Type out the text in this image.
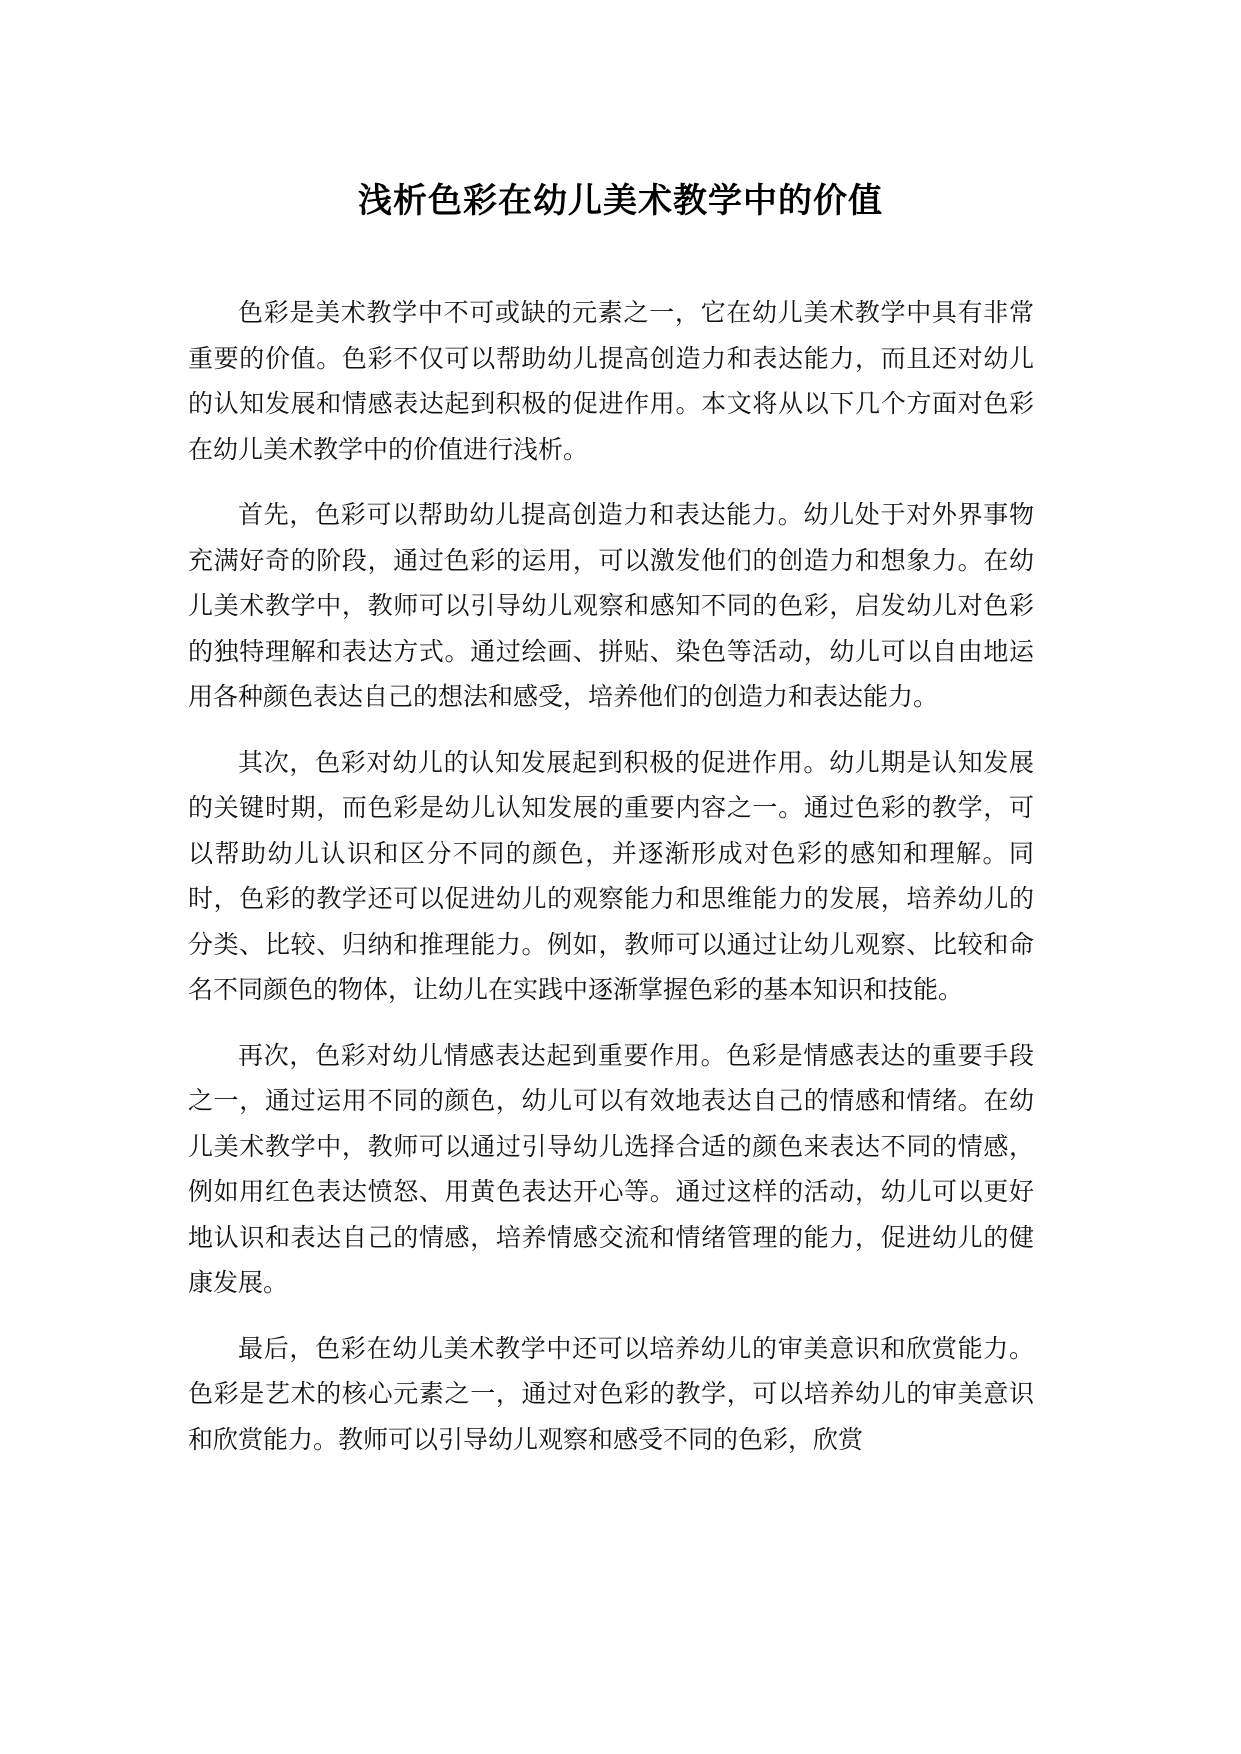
浅析色彩在幼儿美术教学中的价值

色彩是美术教学中不可或缺的元素之一，它在幼儿美术教学中具有非常重要的价值。色彩不仅可以帮助幼儿提高创造力和表达能力，而且还对幼儿的认知发展和情感表达起到积极的促进作用。本文将从以下几个方面对色彩在幼儿美术教学中的价值进行浅析。

首先，色彩可以帮助幼儿提高创造力和表达能力。幼儿处于对外界事物充满好奇的阶段，通过色彩的运用，可以激发他们的创造力和想象力。在幼儿美术教学中，教师可以引导幼儿观察和感知不同的色彩，启发幼儿对色彩的独特理解和表达方式。通过绘画、拼贴、染色等活动，幼儿可以自由地运用各种颜色表达自己的想法和感受，培养他们的创造力和表达能力。

其次，色彩对幼儿的认知发展起到积极的促进作用。幼儿期是认知发展的关键时期，而色彩是幼儿认知发展的重要内容之一。通过色彩的教学，可以帮助幼儿认识和区分不同的颜色，并逐渐形成对色彩的感知和理解。同时，色彩的教学还可以促进幼儿的观察能力和思维能力的发展，培养幼儿的分类、比较、归纳和推理能力。例如，教师可以通过让幼儿观察、比较和命名不同颜色的物体，让幼儿在实践中逐渐掌握色彩的基本知识和技能。

再次，色彩对幼儿情感表达起到重要作用。色彩是情感表达的重要手段之一，通过运用不同的颜色，幼儿可以有效地表达自己的情感和情绪。在幼儿美术教学中，教师可以通过引导幼儿选择合适的颜色来表达不同的情感，例如用红色表达愤怒、用黄色表达开心等。通过这样的活动，幼儿可以更好地认识和表达自己的情感，培养情感交流和情绪管理的能力，促进幼儿的健康发展。

最后，色彩在幼儿美术教学中还可以培养幼儿的审美意识和欣赏能力。色彩是艺术的核心元素之一，通过对色彩的教学，可以培养幼儿的审美意识和欣赏能力。教师可以引导幼儿观察和感受不同的色彩，欣赏
